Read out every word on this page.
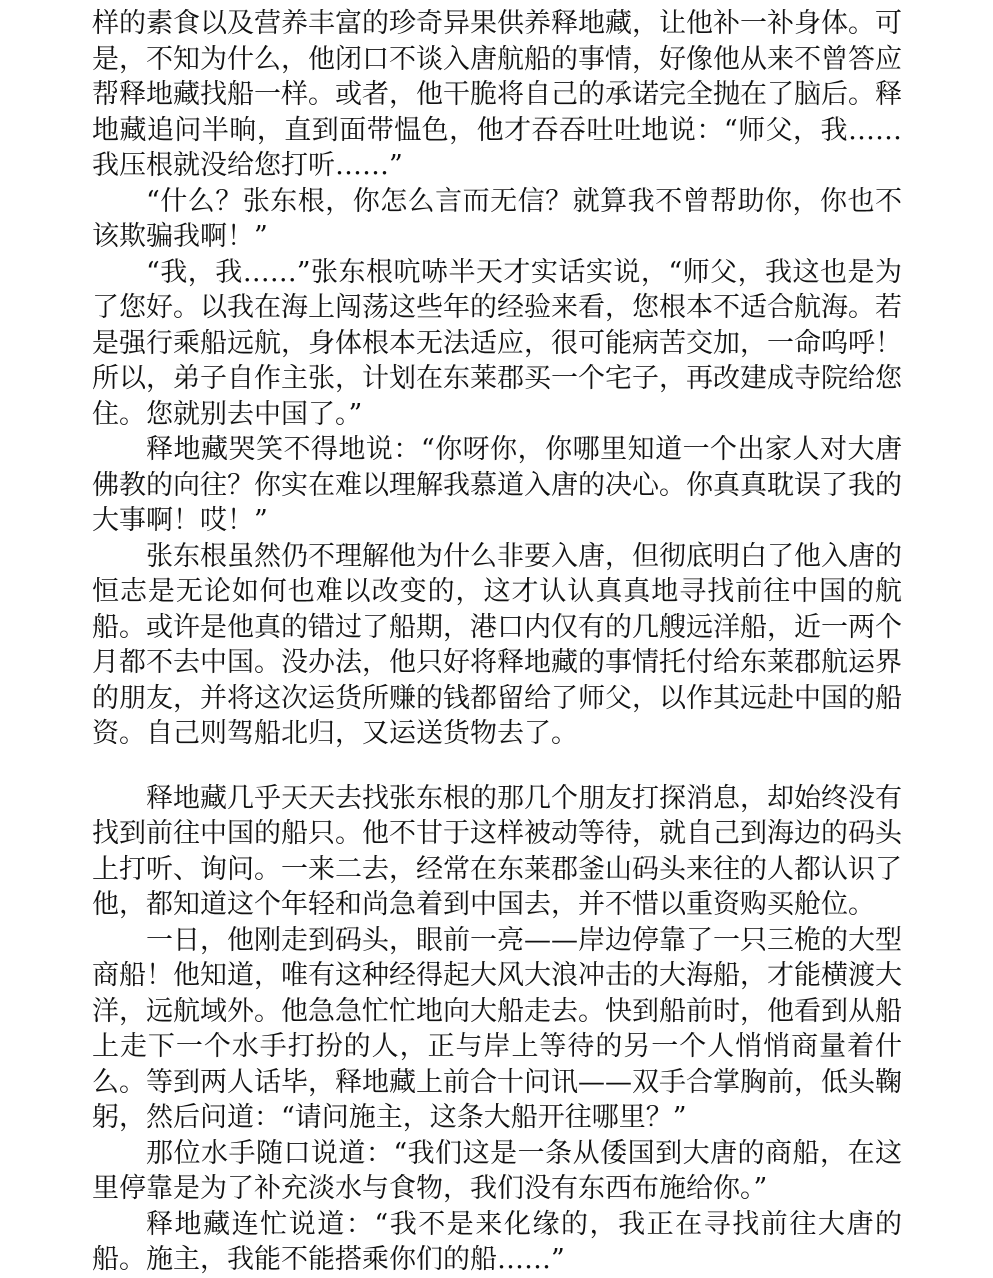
样的素食以及营养丰富的珍奇异果供养释地藏，让他补一补身体。可是，不知为什么，他闭口不谈入唐航船的事情，好像他从来不曾答应帮释地藏找船一样。或者，他干脆将自己的承诺完全抛在了脑后。释地藏追问半晌，直到面带愠色，他才吞吞吐吐地说：“师父，我……我压根就没给您打听……”

“什么？张东根，你怎么言而无信？就算我不曾帮助你，你也不该欺骗我啊！”

“我，我……”张东根吭哧半天才实话实说，“师父，我这也是为了您好。以我在海上闯荡这些年的经验来看，您根本不适合航海。若是强行乘船远航，身体根本无法适应，很可能病苦交加，一命呜呼！所以，弟子自作主张，计划在东莱郡买一个宅子，再改建成寺院给您住。您就别去中国了。”

释地藏哭笑不得地说：“你呀你，你哪里知道一个出家人对大唐佛教的向往？你实在难以理解我慕道入唐的决心。你真真耽误了我的大事啊！哎！”

张东根虽然仍不理解他为什么非要入唐，但彻底明白了他入唐的恒志是无论如何也难以改变的，这才认认真真地寻找前往中国的航船。或许是他真的错过了船期，港口内仅有的几艘远洋船，近一两个月都不去中国。没办法，他只好将释地藏的事情托付给东莱郡航运界的朋友，并将这次运货所赚的钱都留给了师父，以作其远赴中国的船资。自己则驾船北归，又运送货物去了。

释地藏几乎天天去找张东根的那几个朋友打探消息，却始终没有找到前往中国的船只。他不甘于这样被动等待，就自己到海边的码头上打听、询问。一来二去，经常在东莱郡釜山码头来往的人都认识了他，都知道这个年轻和尚急着到中国去，并不惜以重资购买舱位。

一日，他刚走到码头，眼前一亮——岸边停靠了一只三桅的大型商船！他知道，唯有这种经得起大风大浪冲击的大海船，才能横渡大洋，远航域外。他急急忙忙地向大船走去。快到船前时，他看到从船上走下一个水手打扮的人，正与岸上等待的另一个人悄悄商量着什么。等到两人话毕，释地藏上前合十问讯——双手合掌胸前，低头鞠躬，然后问道：“请问施主，这条大船开往哪里？”

那位水手随口说道：“我们这是一条从倭国到大唐的商船，在这里停靠是为了补充淡水与食物，我们没有东西布施给你。”

释地藏连忙说道：“我不是来化缘的，我正在寻找前往大唐的船。施主，我能不能搭乘你们的船……”
